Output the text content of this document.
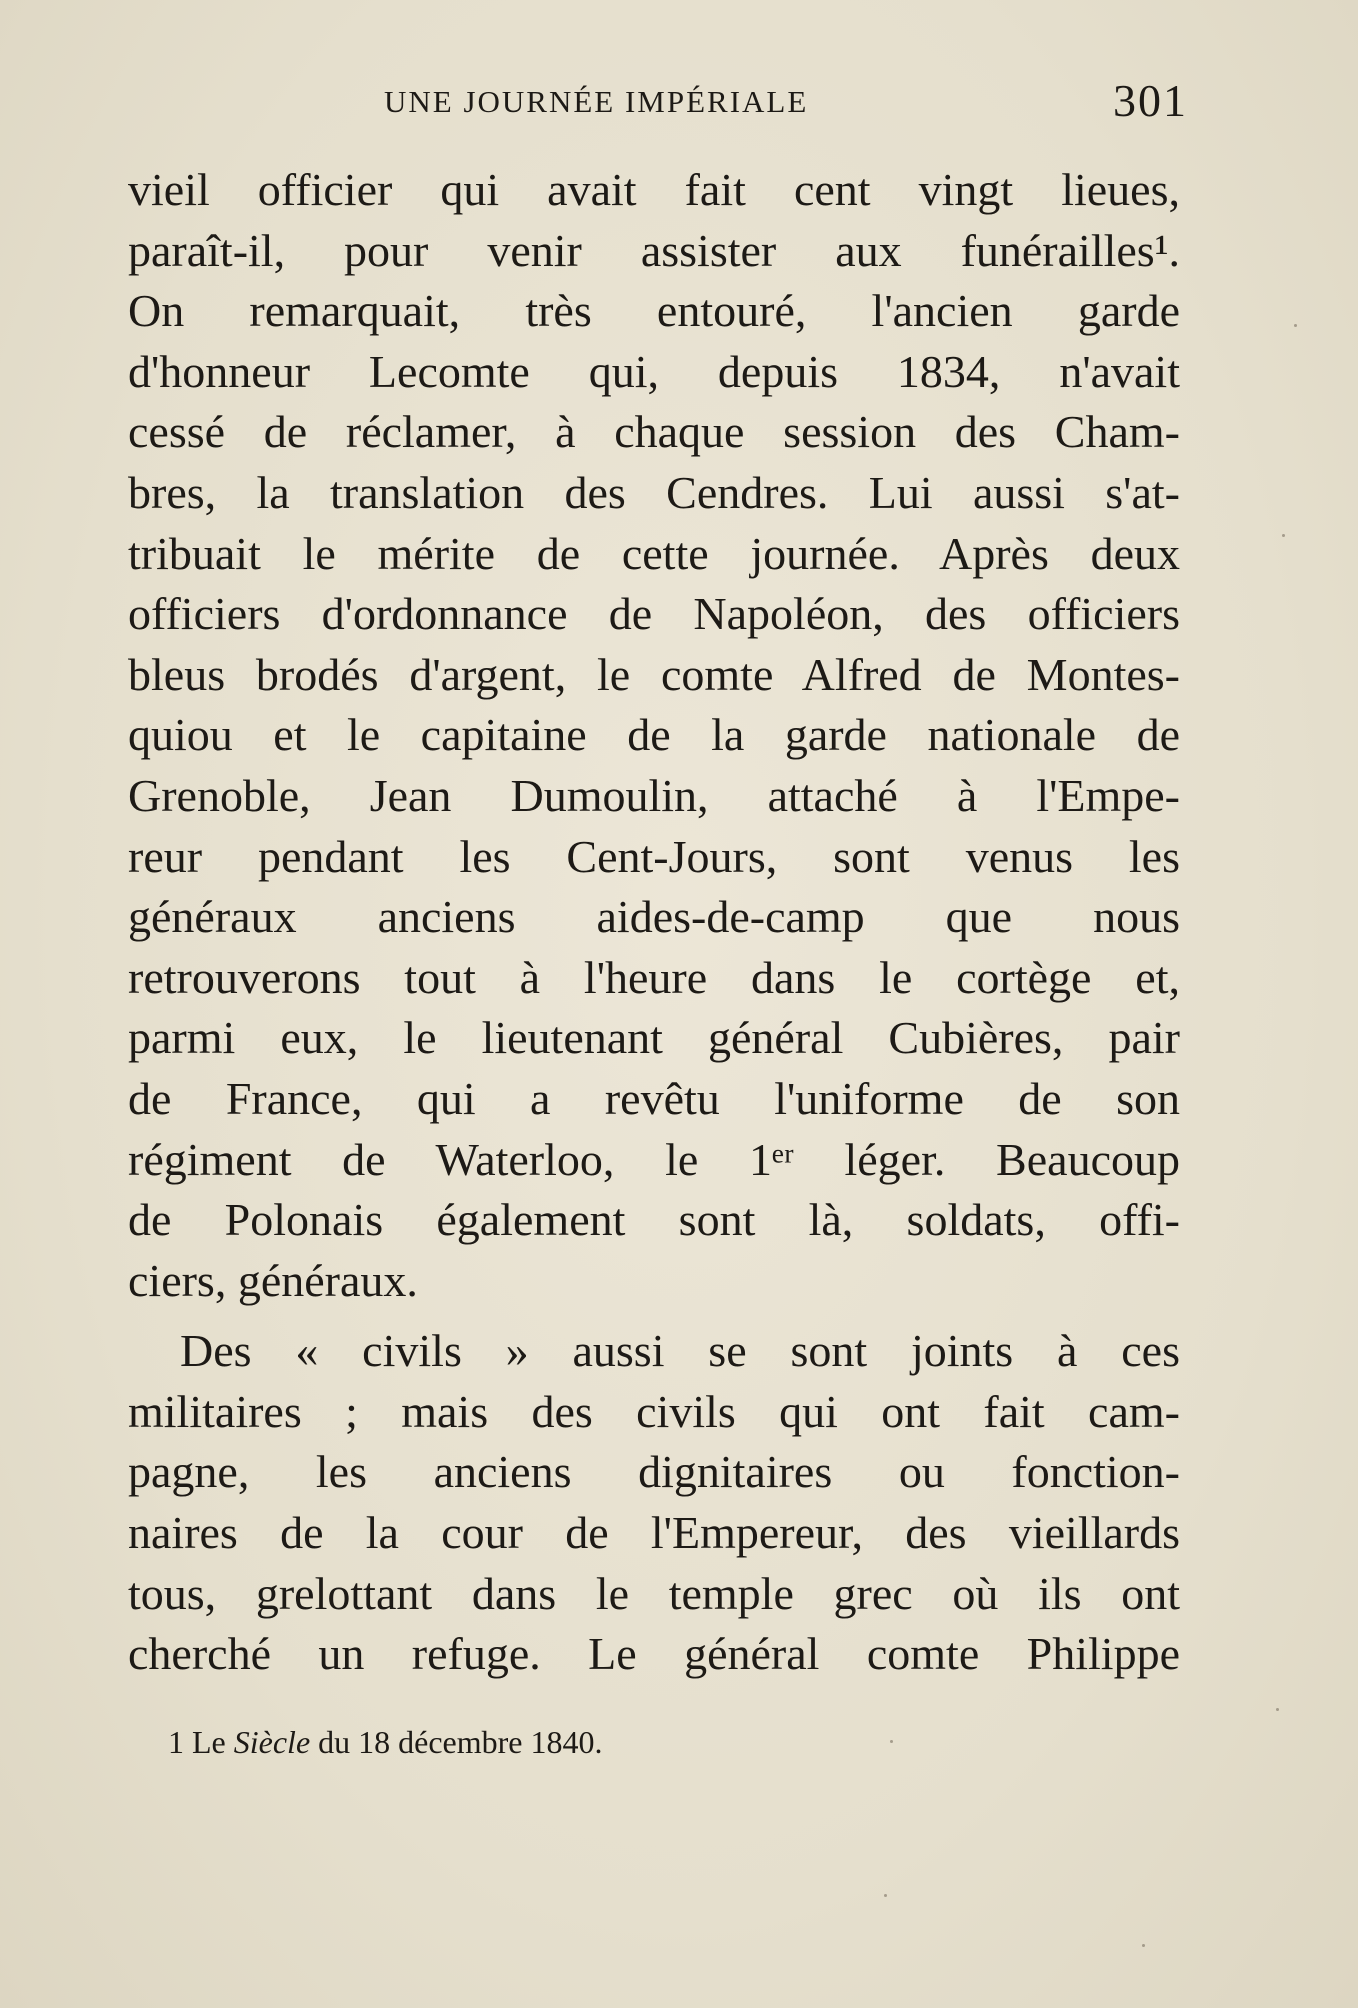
UNE JOURNÉE IMPÉRIALE	301
vieil officier qui avait fait cent vingt lieues,
paraît-il, pour venir assister aux funérailles¹.
On remarquait, très entouré, l'ancien garde
d'honneur Lecomte qui, depuis 1834, n'avait
cessé de réclamer, à chaque session des Cham-
bres, la translation des Cendres. Lui aussi s'at-
tribuait le mérite de cette journée. Après deux
officiers d'ordonnance de Napoléon, des officiers
bleus brodés d'argent, le comte Alfred de Montes-
quiou et le capitaine de la garde nationale de
Grenoble, Jean Dumoulin, attaché à l'Empe-
reur pendant les Cent-Jours, sont venus les
généraux anciens aides-de-camp que nous
retrouverons tout à l'heure dans le cortège et,
parmi eux, le lieutenant général Cubières, pair
de France, qui a revêtu l'uniforme de son
régiment de Waterloo, le 1ᵉʳ léger. Beaucoup
de Polonais également sont là, soldats, offi-
ciers, généraux.
Des « civils » aussi se sont joints à ces
militaires ; mais des civils qui ont fait cam-
pagne, les anciens dignitaires ou fonction-
naires de la cour de l'Empereur, des vieillards
tous, grelottant dans le temple grec où ils ont
cherché un refuge. Le général comte Philippe
1 Le Siècle du 18 décembre 1840.
